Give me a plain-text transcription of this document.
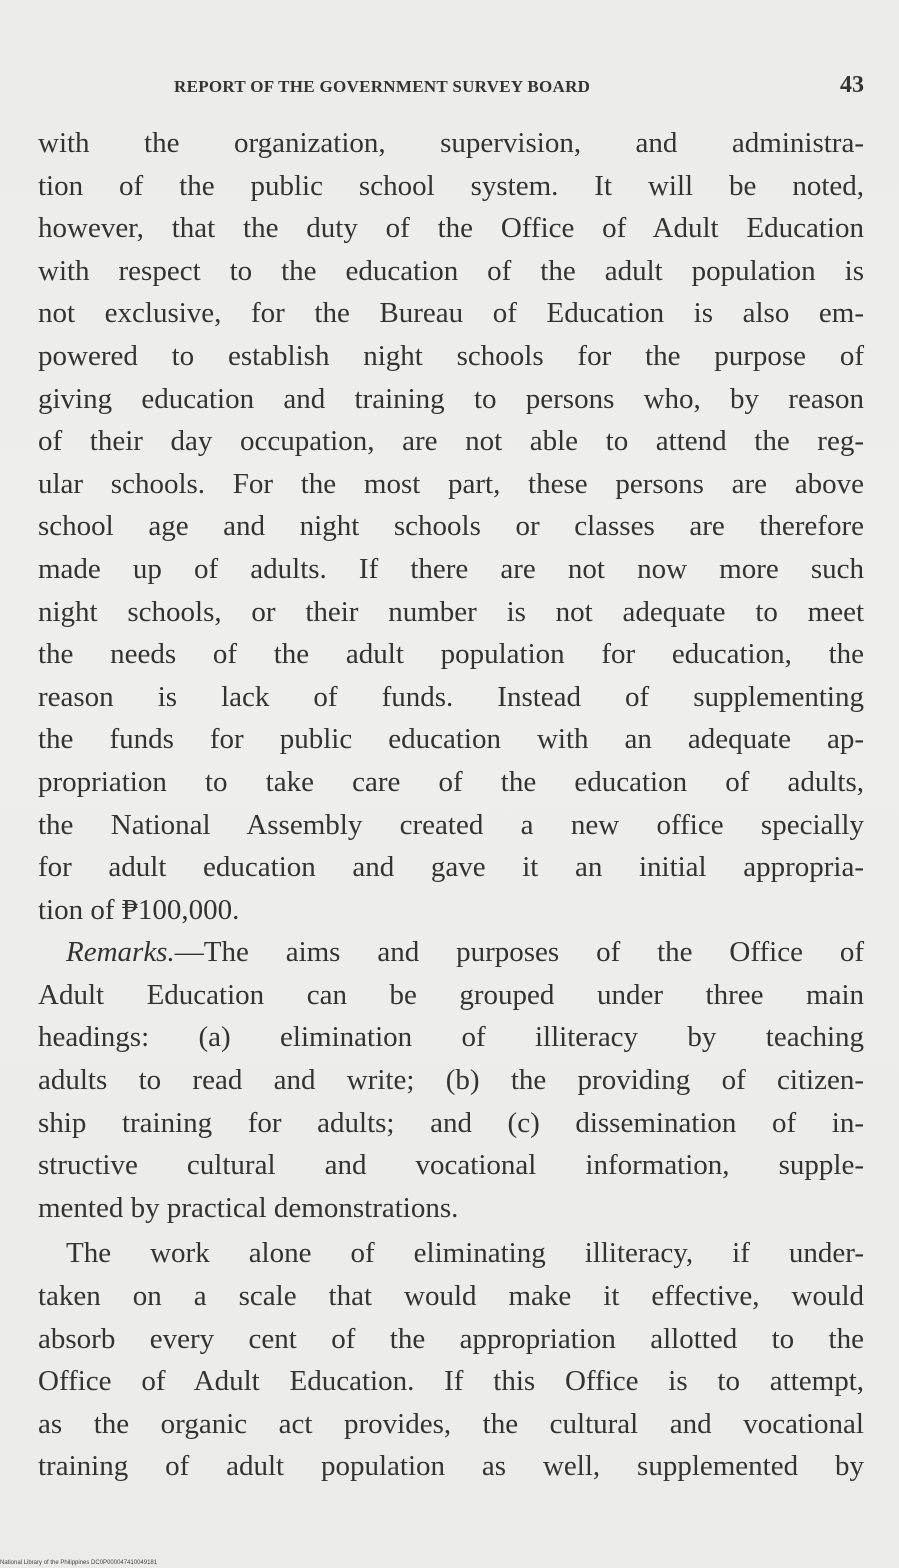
REPORT OF THE GOVERNMENT SURVEY BOARD	43
with the organization, supervision, and administra-
tion of the public school system. It will be noted,
however, that the duty of the Office of Adult Education
with respect to the education of the adult population is
not exclusive, for the Bureau of Education is also em-
powered to establish night schools for the purpose of
giving education and training to persons who, by reason
of their day occupation, are not able to attend the reg-
ular schools. For the most part, these persons are above
school age and night schools or classes are therefore
made up of adults. If there are not now more such
night schools, or their number is not adequate to meet
the needs of the adult population for education, the
reason is lack of funds. Instead of supplementing
the funds for public education with an adequate ap-
propriation to take care of the education of adults,
the National Assembly created a new office specially
for adult education and gave it an initial appropria-
tion of ₱100,000.
Remarks.—The aims and purposes of the Office of
Adult Education can be grouped under three main
headings: (a) elimination of illiteracy by teaching
adults to read and write; (b) the providing of citizen-
ship training for adults; and (c) dissemination of in-
structive cultural and vocational information, supple-
mented by practical demonstrations.
The work alone of eliminating illiteracy, if under-
taken on a scale that would make it effective, would
absorb every cent of the appropriation allotted to the
Office of Adult Education. If this Office is to attempt,
as the organic act provides, the cultural and vocational
training of adult population as well, supplemented by
National Library of the Philippines DC0P000047410049181
